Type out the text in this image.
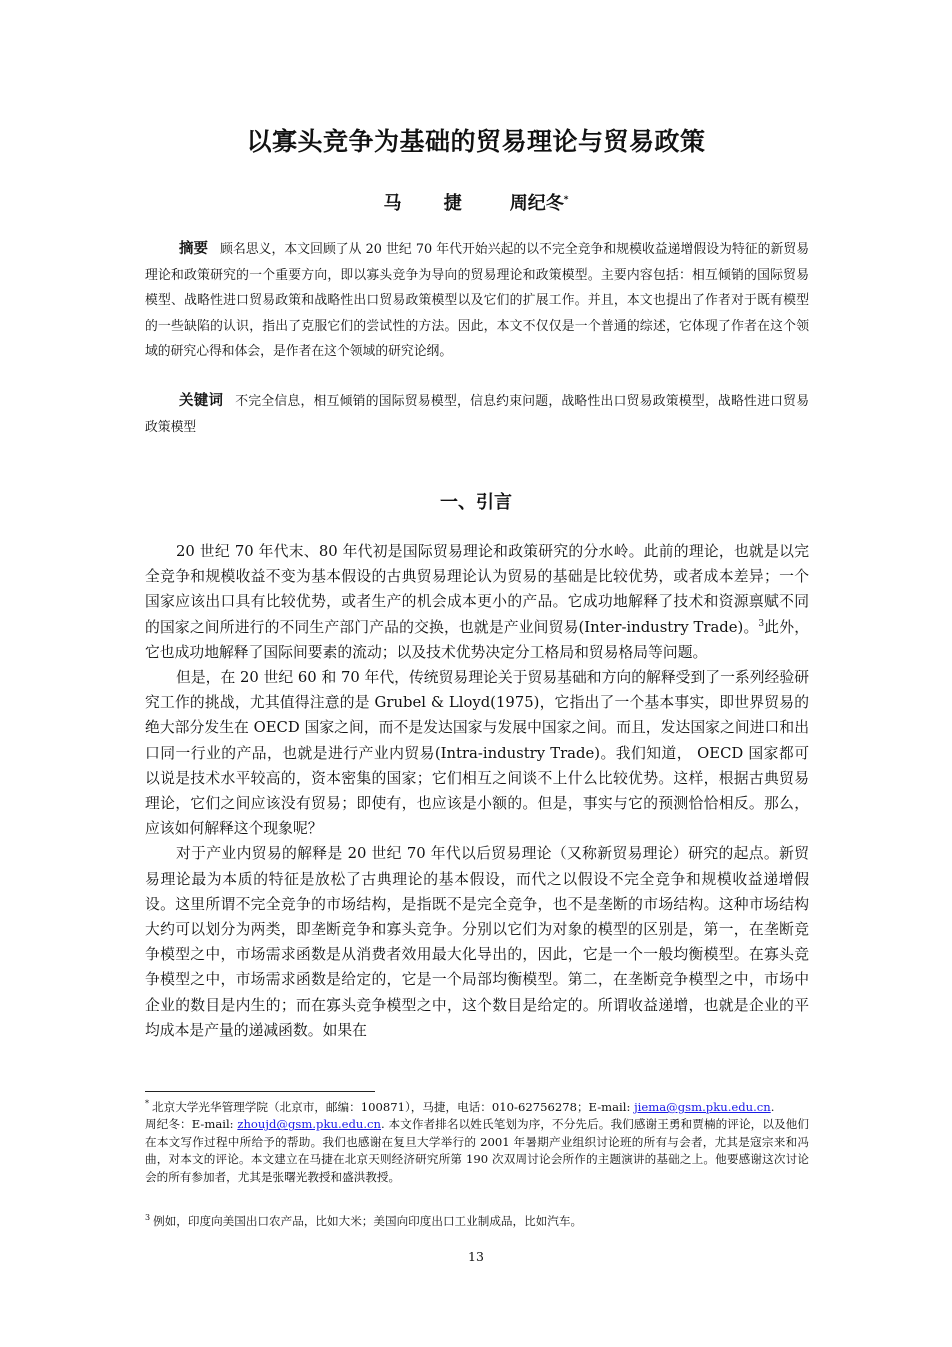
以寡头竞争为基础的贸易理论与贸易政策
马 捷 周纪冬*
摘要 顾名思义，本文回顾了从 20 世纪 70 年代开始兴起的以不完全竞争和规模收益递增假设为特征的新贸易理论和政策研究的一个重要方向，即以寡头竞争为导向的贸易理论和政策模型。主要内容包括：相互倾销的国际贸易模型、战略性进口贸易政策和战略性出口贸易政策模型以及它们的扩展工作。并且，本文也提出了作者对于既有模型的一些缺陷的认识，指出了克服它们的尝试性的方法。因此，本文不仅仅是一个普通的综述，它体现了作者在这个领域的研究心得和体会，是作者在这个领域的研究论纲。
关键词 不完全信息，相互倾销的国际贸易模型，信息约束问题，战略性出口贸易政策模型，战略性进口贸易政策模型
一、引言

20 世纪 70 年代末、80 年代初是国际贸易理论和政策研究的分水岭。此前的理论，也就是以完全竞争和规模收益不变为基本假设的古典贸易理论认为贸易的基础是比较优势，或者成本差异；一个国家应该出口具有比较优势，或者生产的机会成本更小的产品。它成功地解释了技术和资源禀赋不同的国家之间所进行的不同生产部门产品的交换，也就是产业间贸易(Inter-industry Trade)。$^3$此外，它也成功地解释了国际间要素的流动；以及技术优势决定分工格局和贸易格局等问题。

但是，在 20 世纪 60 和 70 年代，传统贸易理论关于贸易基础和方向的解释受到了一系列经验研究工作的挑战，尤其值得注意的是 Grubel & Lloyd(1975)，它指出了一个基本事实，即世界贸易的绝大部分发生在 OECD 国家之间，而不是发达国家与发展中国家之间。而且，发达国家之间进口和出口同一行业的产品，也就是进行产业内贸易(Intra-industry Trade)。我们知道， OECD 国家都可以说是技术水平较高的，资本密集的国家；它们相互之间谈不上什么比较优势。这样，根据古典贸易理论，它们之间应该没有贸易；即使有，也应该是小额的。但是，事实与它的预测恰恰相反。那么，应该如何解释这个现象呢？

对于产业内贸易的解释是 20 世纪 70 年代以后贸易理论（又称新贸易理论）研究的起点。新贸易理论最为本质的特征是放松了古典理论的基本假设，而代之以假设不完全竞争和规模收益递增假设。这里所谓不完全竞争的市场结构，是指既不是完全竞争，也不是垄断的市场结构。这种市场结构大约可以划分为两类，即垄断竞争和寡头竞争。分别以它们为对象的模型的区别是，第一，在垄断竞争模型之中，市场需求函数是从消费者效用最大化导出的，因此，它是一个一般均衡模型。在寡头竞争模型之中，市场需求函数是给定的，它是一个局部均衡模型。第二，在垄断竞争模型之中，市场中企业的数目是内生的；而在寡头竞争模型之中，这个数目是给定的。所谓收益递增，也就是企业的平均成本是产量的递减函数。如果在

* 北京大学光华管理学院（北京市，邮编：100871），马捷，电话：010-62756278；E-mail: jiema@gsm.pku.edu.cn.
周纪冬：E-mail: zhoujd@gsm.pku.edu.cn. 本文作者排名以姓氏笔划为序，不分先后。我们感谢王勇和贾楠的评论，以及他们在本文写作过程中所给予的帮助。我们也感谢在复旦大学举行的 2001 年暑期产业组织讨论班的所有与会者，尤其是寇宗来和冯曲，对本文的评论。本文建立在马捷在北京天则经济研究所第 190 次双周讨论会所作的主题演讲的基础之上。他要感谢这次讨论会的所有参加者，尤其是张曙光教授和盛洪教授。
$^3$ 例如，印度向美国出口农产品，比如大米；美国向印度出口工业制成品，比如汽车。
13
